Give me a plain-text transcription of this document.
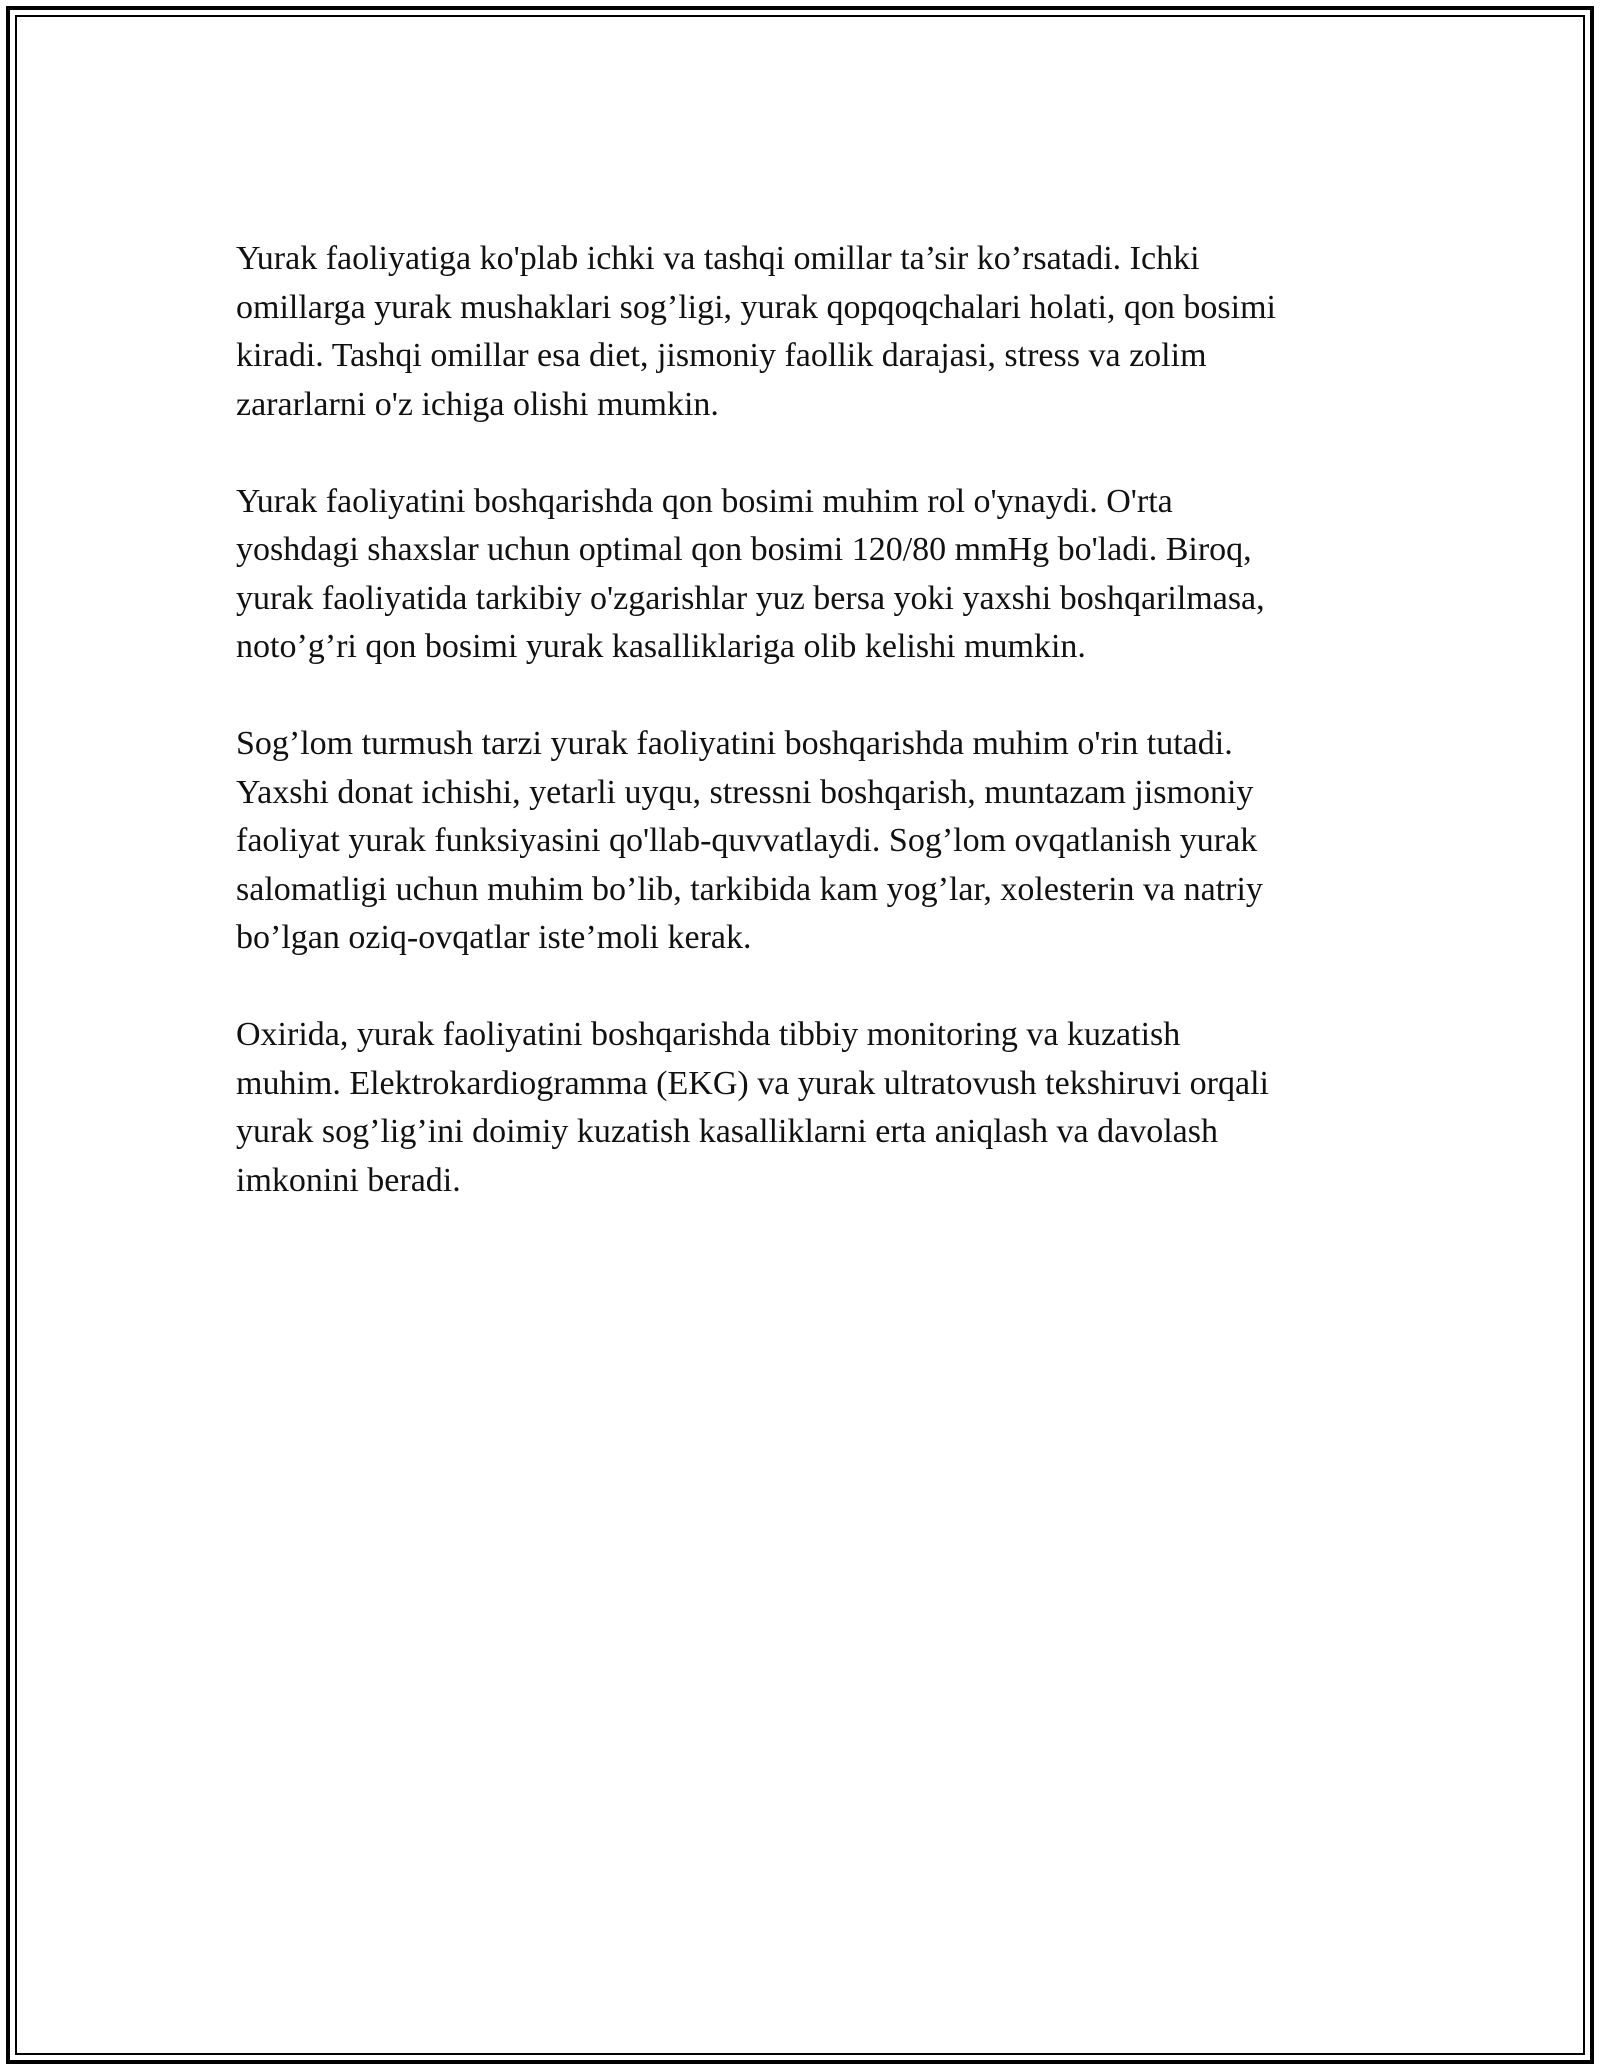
Yurak faoliyatiga ko'plab ichki va tashqi omillar ta’sir ko’rsatadi. Ichki
omillarga yurak mushaklari sog’ligi, yurak qopqoqchalari holati, qon bosimi
kiradi. Tashqi omillar esa diet, jismoniy faollik darajasi, stress va zolim
zararlarni o'z ichiga olishi mumkin.

Yurak faoliyatini boshqarishda qon bosimi muhim rol o'ynaydi. O'rta
yoshdagi shaxslar uchun optimal qon bosimi 120/80 mmHg bo'ladi. Biroq,
yurak faoliyatida tarkibiy o'zgarishlar yuz bersa yoki yaxshi boshqarilmasa,
noto’g’ri qon bosimi yurak kasalliklariga olib kelishi mumkin.

Sog’lom turmush tarzi yurak faoliyatini boshqarishda muhim o'rin tutadi.
Yaxshi donat ichishi, yetarli uyqu, stressni boshqarish, muntazam jismoniy
faoliyat yurak funksiyasini qo'llab-quvvatlaydi. Sog’lom ovqatlanish yurak
salomatligi uchun muhim bo’lib, tarkibida kam yog’lar, xolesterin va natriy
bo’lgan oziq-ovqatlar iste’moli kerak.

Oxirida, yurak faoliyatini boshqarishda tibbiy monitoring va kuzatish
muhim. Elektrokardiogramma (EKG) va yurak ultratovush tekshiruvi orqali
yurak sog’lig’ini doimiy kuzatish kasalliklarni erta aniqlash va davolash
imkonini beradi.
